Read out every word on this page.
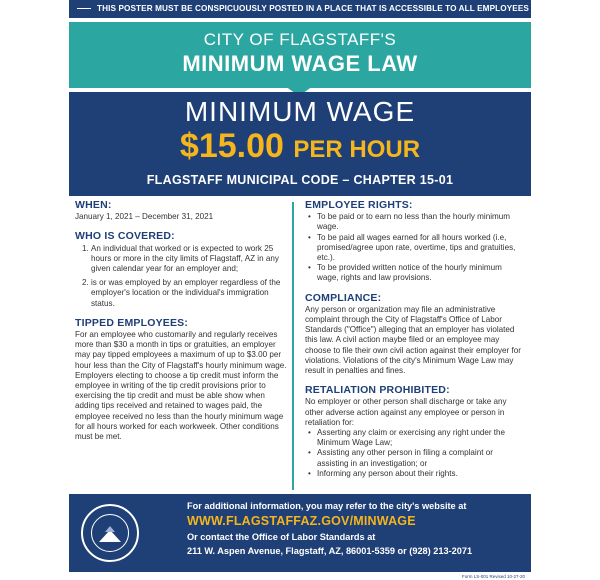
THIS POSTER MUST BE CONSPICUOUSLY POSTED IN A PLACE THAT IS ACCESSIBLE TO ALL EMPLOYEES
CITY OF FLAGSTAFF'S
MINIMUM WAGE LAW
MINIMUM WAGE
$15.00 PER HOUR
FLAGSTAFF MUNICIPAL CODE – CHAPTER 15-01
WHEN:

January 1, 2021 – December 31, 2021

WHO IS COVERED:
1. An individual that worked or is expected to work 25 hours or more in the city limits of Flagstaff, AZ in any given calendar year for an employer and;
2. is or was employed by an employer regardless of the employer's location or the individual's immigration status.
TIPPED EMPLOYEES:

For an employee who customarily and regularly receives more than $30 a month in tips or gratuities, an employer may pay tipped employees a maximum of up to $3.00 per hour less than the City of Flagstaff's hourly minimum wage. Employers electing to choose a tip credit must inform the employee in writing of the tip credit provisions prior to exercising the tip credit and must be able show when adding tips received and retained to wages paid, the employee received no less than the hourly minimum wage for all hours worked for each workweek. Other conditions must be met.

EMPLOYEE RIGHTS:
• To be paid or to earn no less than the hourly minimum wage.
• To be paid all wages earned for all hours worked (i.e, promised/agree upon rate, overtime, tips and gratuities, etc.).
• To be provided written notice of the hourly minimum wage, rights and law provisions.
COMPLIANCE:

Any person or organization may file an administrative complaint through the City of Flagstaff's Office of Labor Standards ("Office") alleging that an employer has violated this law. A civil action maybe filed or an employee may choose to file their own civil action against their employer for violations. Violations of the city's Minimum Wage Law may result in penalties and fines.

RETALIATION PROHIBITED:

No employer or other person shall discharge or take any other adverse action against any employee or person in retaliation for:

• Asserting any claim or exercising any right under the Minimum Wage Law;
• Assisting any other person in filing a complaint or assisting in an investigation; or
• Informing any person about their rights.
For additional information, you may refer to the city's website at
WWW.FLAGSTAFFAZ.GOV/MINWAGE
Or contact the Office of Labor Standards at
211 W. Aspen Avenue, Flagstaff, AZ, 86001-5359 or (928) 213-2071
Form LS-001 Revised 10-27-20
